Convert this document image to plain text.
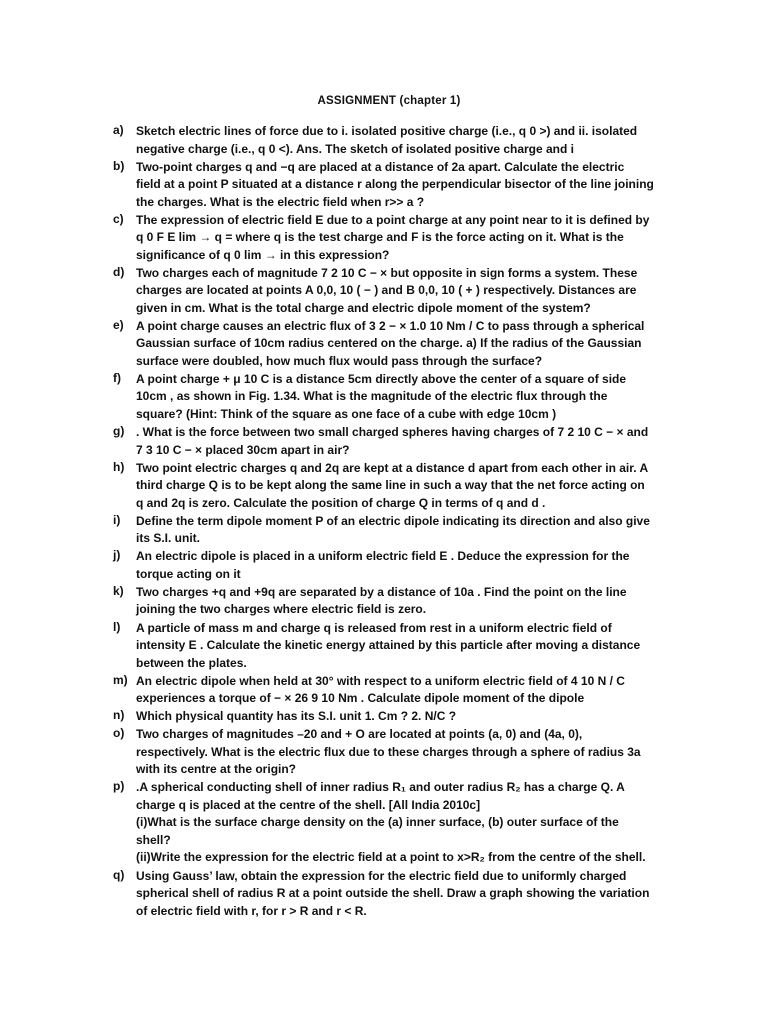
ASSIGNMENT (chapter 1)
a) Sketch electric lines of force due to i. isolated positive charge (i.e., q 0 >) and ii. isolated
negative charge (i.e., q 0 <). Ans. The sketch of isolated positive charge and i
b) Two-point charges q and −q are placed at a distance of 2a apart. Calculate the electric
field at a point P situated at a distance r along the perpendicular bisector of the line joining
the charges. What is the electric field when r>> a ?
c) The expression of electric field E due to a point charge at any point near to it is defined by
q 0 F E lim → q = where q is the test charge and F is the force acting on it. What is the
significance of q 0 lim → in this expression?
d) Two charges each of magnitude 7 2 10 C − × but opposite in sign forms a system. These
charges are located at points A 0,0, 10 ( − ) and B 0,0, 10 ( + ) respectively. Distances are
given in cm. What is the total charge and electric dipole moment of the system?
e) A point charge causes an electric flux of 3 2 − × 1.0 10 Nm / C to pass through a spherical
Gaussian surface of 10cm radius centered on the charge. a) If the radius of the Gaussian
surface were doubled, how much flux would pass through the surface?
f) A point charge + μ 10 C is a distance 5cm directly above the center of a square of side
10cm , as shown in Fig. 1.34. What is the magnitude of the electric flux through the
square? (Hint: Think of the square as one face of a cube with edge 10cm )
g) . What is the force between two small charged spheres having charges of 7 2 10 C − × and
7 3 10 C − × placed 30cm apart in air?
h) Two point electric charges q and 2q are kept at a distance d apart from each other in air. A
third charge Q is to be kept along the same line in such a way that the net force acting on
q and 2q is zero. Calculate the position of charge Q in terms of q and d .
i) Define the term dipole moment P of an electric dipole indicating its direction and also give
its S.I. unit.
j) An electric dipole is placed in a uniform electric field E . Deduce the expression for the
torque acting on it
k) Two charges +q and +9q are separated by a distance of 10a . Find the point on the line
joining the two charges where electric field is zero.
l) A particle of mass m and charge q is released from rest in a uniform electric field of
intensity E . Calculate the kinetic energy attained by this particle after moving a distance
between the plates.
m) An electric dipole when held at 30° with respect to a uniform electric field of 4 10 N / C
experiences a torque of − × 26 9 10 Nm . Calculate dipole moment of the dipole
n) Which physical quantity has its S.I. unit 1. Cm ? 2. N/C ?
o) Two charges of magnitudes –20 and + O are located at points (a, 0) and (4a, 0),
respectively. What is the electric flux due to these charges through a sphere of radius 3a
with its centre at the origin?
p) .A spherical conducting shell of inner radius R₁ and outer radius R₂ has a charge Q. A
charge q is placed at the centre of the shell. [All India 2010c]
(i)What is the surface charge density on the (a) inner surface, (b) outer surface of the
shell?
(ii)Write the expression for the electric field at a point to x>R₂ from the centre of the shell.
q) Using Gauss’ law, obtain the expression for the electric field due to uniformly charged
spherical shell of radius R at a point outside the shell. Draw a graph showing the variation
of electric field with r, for r > R and r < R.
